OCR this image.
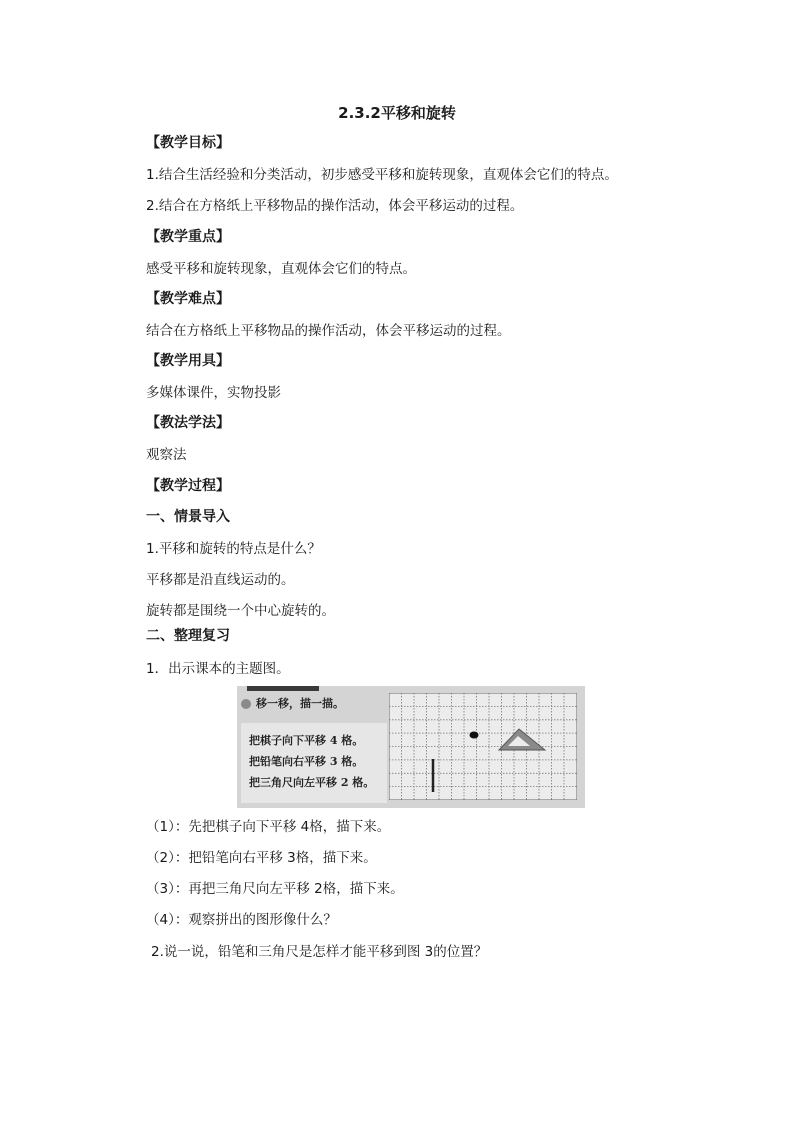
2.3.2平移和旋转
【教学目标】
1.结合生活经验和分类活动，初步感受平移和旋转现象，直观体会它们的特点。
2.结合在方格纸上平移物品的操作活动，体会平移运动的过程。
【教学重点】
感受平移和旋转现象，直观体会它们的特点。
【教学难点】
结合在方格纸上平移物品的操作活动，体会平移运动的过程。
【教学用具】
多媒体课件，实物投影
【教法学法】
观察法
【教学过程】
一、情景导入
1.平移和旋转的特点是什么？
平移都是沿直线运动的。
旋转都是围绕一个中心旋转的。
二、整理复习
1．出示课本的主题图。
移一移，描一描。
把棋子向下平移 4 格。
把铅笔向右平移 3 格。
把三角尺向左平移 2 格。
（1）：先把棋子向下平移 4格，描下来。
（2）：把铅笔向右平移 3格，描下来。
（3）：再把三角尺向左平移 2格，描下来。
（4）：观察拼出的图形像什么？
2.说一说，铅笔和三角尺是怎样才能平移到图 3的位置？
